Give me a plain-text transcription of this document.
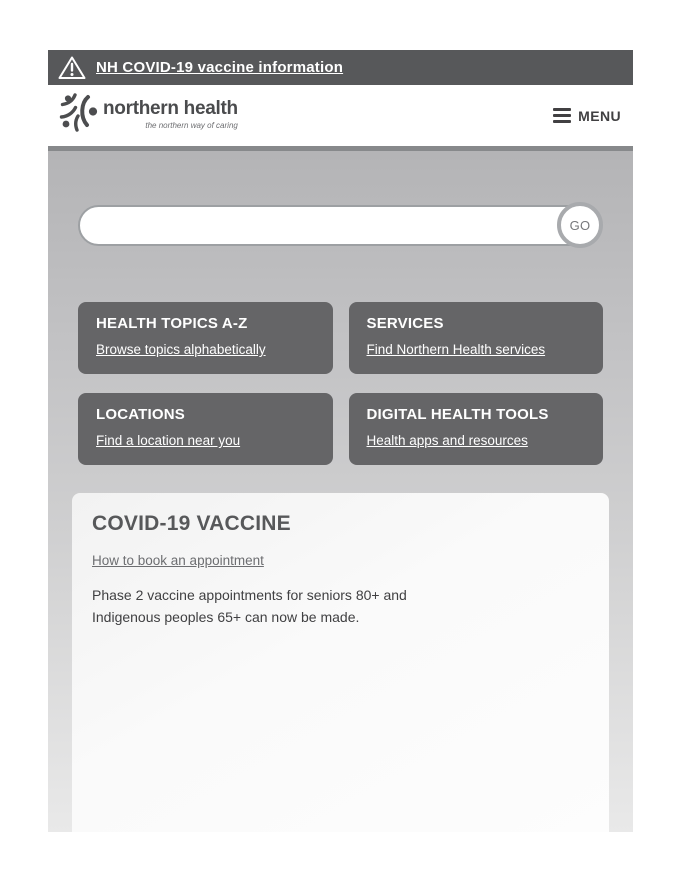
NH COVID-19 vaccine information
northern health
the northern way of caring
MENU
GO
HEALTH TOPICS A-Z
Browse topics alphabetically
SERVICES
Find Northern Health services
LOCATIONS
Find a location near you
DIGITAL HEALTH TOOLS
Health apps and resources
COVID-19 VACCINE
How to book an appointment

Phase 2 vaccine appointments for seniors 80+ and Indigenous peoples 65+ can now be made.
